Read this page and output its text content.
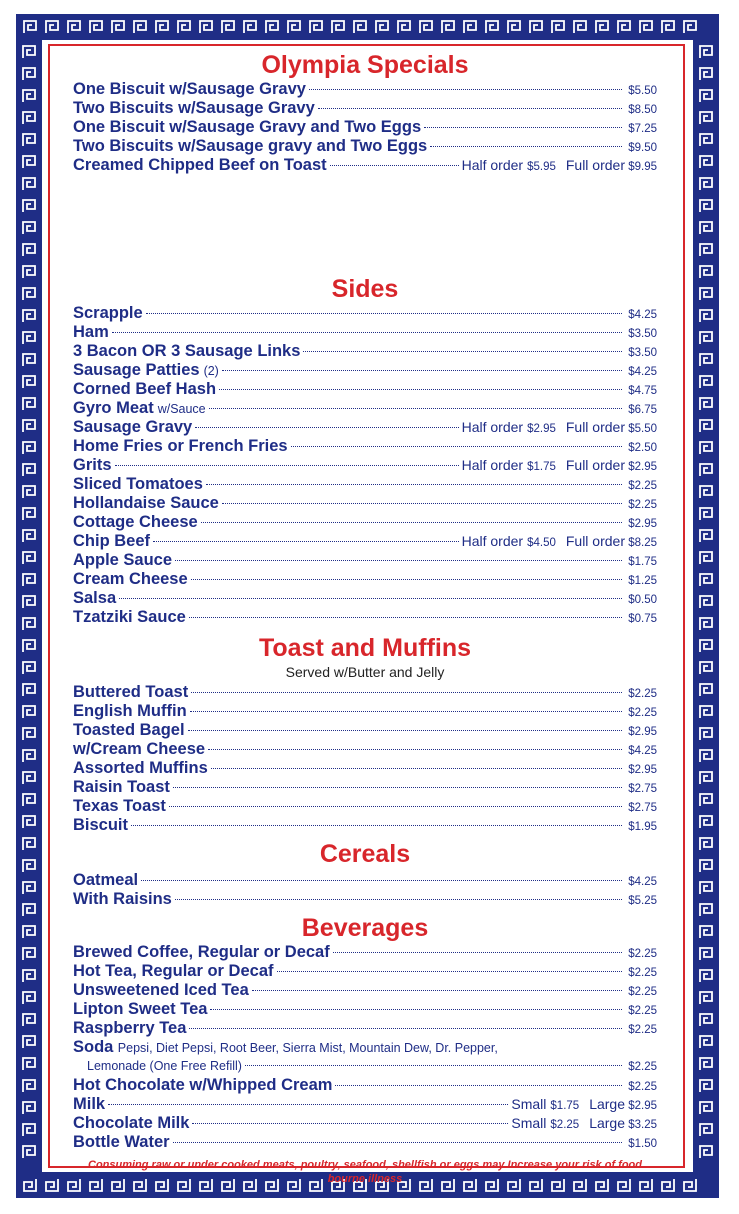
Olympia Specials
One Biscuit w/Sausage Gravy	$5.50
Two Biscuits w/Sausage Gravy	$8.50
One Biscuit w/Sausage Gravy and Two Eggs	$7.25
Two Biscuits w/Sausage gravy and Two Eggs	$9.50
Creamed Chipped Beef on Toast	Half order $5.95 Full order $9.95
Sides
Scrapple	$4.25
Ham	$3.50
3 Bacon OR 3 Sausage Links	$3.50
Sausage Patties (2)	$4.25
Corned Beef Hash	$4.75
Gyro Meat w/Sauce	$6.75
Sausage Gravy	Half order $2.95 Full order $5.50
Home Fries or French Fries	$2.50
Grits	Half order $1.75 Full order $2.95
Sliced Tomatoes	$2.25
Hollandaise Sauce	$2.25
Cottage Cheese	$2.95
Chip Beef	Half order $4.50 Full order $8.25
Apple Sauce	$1.75
Cream Cheese	$1.25
Salsa	$0.50
Tzatziki Sauce	$0.75
Toast and Muffins
Served w/Butter and Jelly
Buttered Toast	$2.25
English Muffin	$2.25
Toasted Bagel	$2.95
w/Cream Cheese	$4.25
Assorted Muffins	$2.95
Raisin Toast	$2.75
Texas Toast	$2.75
Biscuit	$1.95
Cereals
Oatmeal	$4.25
With Raisins	$5.25
Beverages
Brewed Coffee, Regular or Decaf	$2.25
Hot Tea, Regular or Decaf	$2.25
Unsweetened Iced Tea	$2.25
Lipton Sweet Tea	$2.25
Raspberry Tea	$2.25
Soda
Pepsi, Diet Pepsi, Root Beer, Sierra Mist, Mountain Dew, Dr. Pepper,
Lemonade (One Free Refill)	$2.25
Hot Chocolate w/Whipped Cream	$2.25
Milk	Small $1.75 Large $2.95
Chocolate Milk	Small $2.25 Large $3.25
Bottle Water	$1.50
Consuming raw or under cooked meats, poultry, seafood, shellfish or eggs may Increase your risk of food bourne illness
